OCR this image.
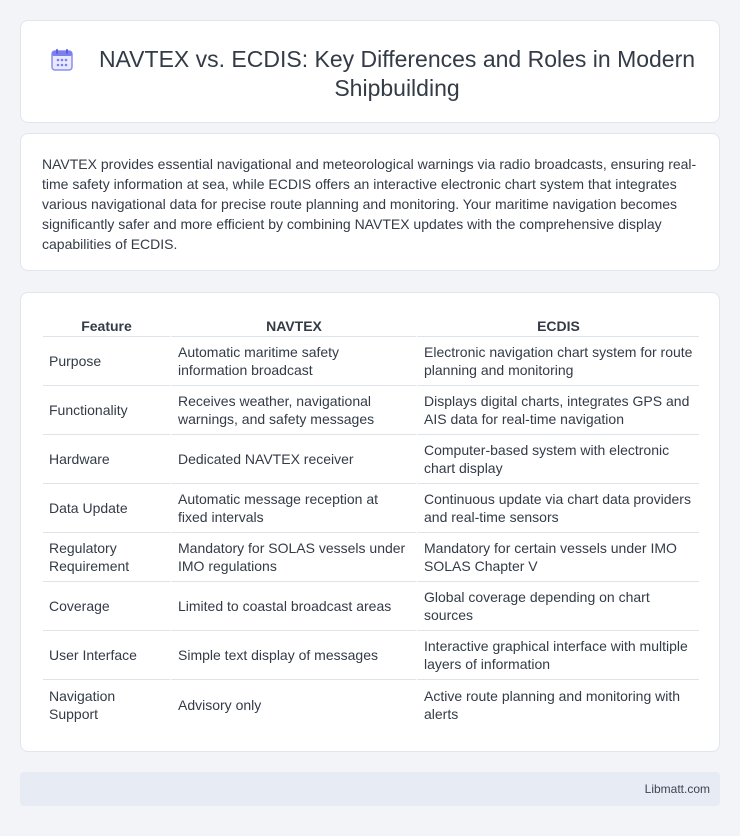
NAVTEX vs. ECDIS: Key Differences and Roles in Modern Shipbuilding

NAVTEX provides essential navigational and meteorological warnings via radio broadcasts, ensuring real-time safety information at sea, while ECDIS offers an interactive electronic chart system that integrates various navigational data for precise route planning and monitoring. Your maritime navigation becomes significantly safer and more efficient by combining NAVTEX updates with the comprehensive display capabilities of ECDIS.

Feature	NAVTEX	ECDIS
Purpose	Automatic maritime safety information broadcast	Electronic navigation chart system for route planning and monitoring
Functionality	Receives weather, navigational warnings, and safety messages	Displays digital charts, integrates GPS and AIS data for real-time navigation
Hardware	Dedicated NAVTEX receiver	Computer-based system with electronic chart display
Data Update	Automatic message reception at fixed intervals	Continuous update via chart data providers and real-time sensors
Regulatory Requirement	Mandatory for SOLAS vessels under IMO regulations	Mandatory for certain vessels under IMO SOLAS Chapter V
Coverage	Limited to coastal broadcast areas	Global coverage depending on chart sources
User Interface	Simple text display of messages	Interactive graphical interface with multiple layers of information
Navigation Support	Advisory only	Active route planning and monitoring with alerts
Libmatt.com
